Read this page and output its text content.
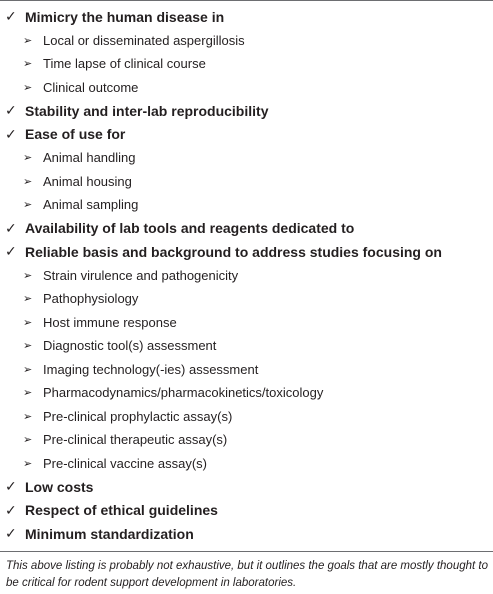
✓ Mimicry the human disease in
➢ Local or disseminated aspergillosis
➢ Time lapse of clinical course
➢ Clinical outcome
✓ Stability and inter-lab reproducibility
✓ Ease of use for
➢ Animal handling
➢ Animal housing
➢ Animal sampling
✓ Availability of lab tools and reagents dedicated to
✓ Reliable basis and background to address studies focusing on
➢ Strain virulence and pathogenicity
➢ Pathophysiology
➢ Host immune response
➢ Diagnostic tool(s) assessment
➢ Imaging technology(-ies) assessment
➢ Pharmacodynamics/pharmacokinetics/toxicology
➢ Pre-clinical prophylactic assay(s)
➢ Pre-clinical therapeutic assay(s)
➢ Pre-clinical vaccine assay(s)
✓ Low costs
✓ Respect of ethical guidelines
✓ Minimum standardization
This above listing is probably not exhaustive, but it outlines the goals that are mostly thought to be critical for rodent support development in laboratories.
